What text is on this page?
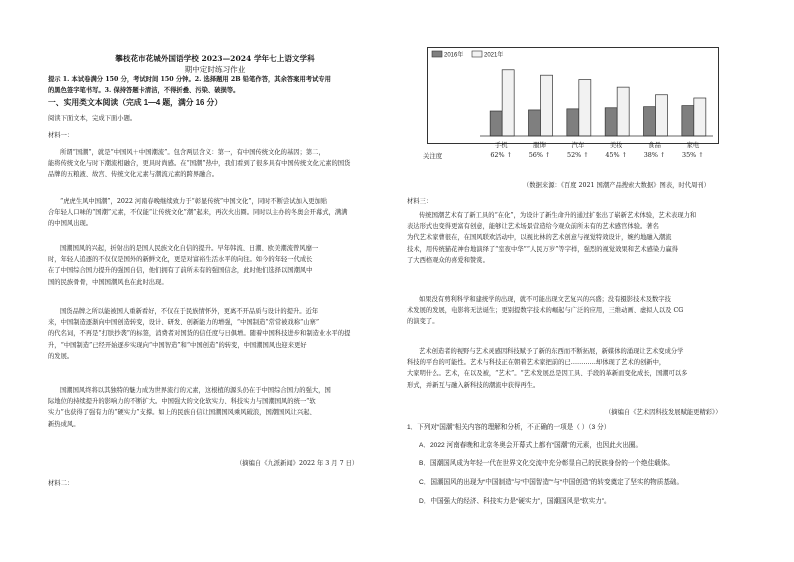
攀枝花市花城外国语学校 2023—2024 学年七上语文学科

期中定时练习作业

提示 1. 本试卷满分 150 分，考试时间 150 分钟。2. 选择题用 2B 铅笔作答，其余答案用考试专用

的黑色签字笔书写。3. 保持答题卡清洁，不得折叠、污染、破损等。

一、实用类文本阅读（完成 1—4 题，满分 16 分）

阅读下面文本，完成下面小题。

材料一：

所谓“国潮”，就是“中国风＋中国潮流”。包含两层含义：第一，有中国传统文化的基因；第二，
能将传统文化与时下潮流相融合，更具时尚感。在“国潮”热中，我们看到了很多具有中国传统文化元素的国货
品牌的五粮液、故宫、传统文化元素与潮流元素的跨界融合。
“虎虎生风中国潮”，2022 河南春晚继续致力于“彰显传统”中国文化”，同时不断尝试加入更加贴
合年轻人口味的“国潮”元素，不仅能“让传统文化”潮”起来，再次火出圈。同时以主办的冬奥会开幕式，满满
的中国风出现。
国潮国风的兴起，折射出的是国人民族文化自信的提升。早年韩流、日潮、欧美潮流曾风靡一
时，年轻人追逐的不仅仅是国外的新鲜文化，更是对富裕生活水平的向往。如今的年轻一代成长
在了中国综合国力提升的强国自信，他们拥有了前所未有的强国信念，此时他们选择以国潮风中
国的民族骨骨，中国国潮风也在此时出现。
国货品牌之所以能被国人重新看好，不仅在于民族情怀外，更离不开品质与设计的提升。近年
来，中国制造逐渐向中国创造转变，设计、研发、创新能力的增强，“中国制造”常常被戏称“山寨”
的代名词，不再是“打肤抄袭”的标签，消费者对国货的信任度与日俱增。随着中国科技进步和制造业水平的提
升，“中国制造”已经开始逐步实现向“中国智造”和“中国创造”的转变，中国潮国风也迎来更好
的发展。
国潮国风终将以其独特的魅力成为世界流行的元素，这根植的源头仍在于中国综合国力的强大，国
际地位的持续提升的影响力的不断扩大。中国强大的文化软实力、科技实力与国潮国风的统一“软
实力”也获得了强有力的“硬实力”支撑。如上的民族自信让国潮国风乘风破浪，国潮国风让兴起、
新热成风。

（摘编自《九派新闻》2022 年 3 月 7 日）

材料二：

2016年	2021年

（数据来源：《百度 2021 国潮产品搜索大数据》图表，时代周刊）

材料三：

传统国潮艺术有了新工具的“在化”，为设计了新生命升的通过扩张出了崭新艺术体验，艺术表现力和
表达形式也变得更富有创意，能够让艺术场景营造给今观众前所未有的艺术感官体验。著名
为代艺术家曹很在，在国风联欢活动中，以视比林的艺术创意与视觉特效设计，婉约地融入潮流
技术，用传统猫花神台地演绎了“室夜中华”“人民万岁”等字样，强烈的视觉效果和艺术感染力赢得
了大西格观众的喜爱和赞赏。
如果没有剪利科学和建统学的出现，就不可能出现文艺复兴的兴盛；没有摄影技术及数字技
术发展的发展，电影将无法诞生；更别提数字技术的崛起与广泛的应用，三维动画、虚拟人以及 CG
的演变了。
艺术创造者的视野与艺术灵感因科技赋予了新的东西而不断拓展，新媒体的涌现让艺术变成分学
科技的平台的可能性。艺术与科技正在朝着艺术家把前的已…………却体现了艺术的创新中，
大家明什么。艺术，在以及被，“艺术”。“艺术发展总是因工具、手段的革新而变化成长，国潮可以多
形式，并新互与融入新科技的潮流中获得再生。

（摘编自《艺术因科技发展赋能更精彩》）

1．下列对“国潮”相关内容的理解和分析，不正确的一项是（ ）（3 分）

A．2022 河南春晚和北京冬奥会开幕式上都有“国潮”的元素，也因此火出圈。

B．国潮国风成为年轻一代在世界文化交流中充分彰显自己的民族身份的一个绝佳载体。

C．国潮国风的出现为“中国制造”与“中国智造”“与“中国创造”的转变奠定了坚实的物质基础。

D．中国强大的经济、科技实力是“硬实力”，国潮国风是“软实力”。

手机
62% ↑
服饰
56% ↑
汽车
52% ↑
美妆
45% ↑
食品
38% ↑
家电
35% ↑
关注度
